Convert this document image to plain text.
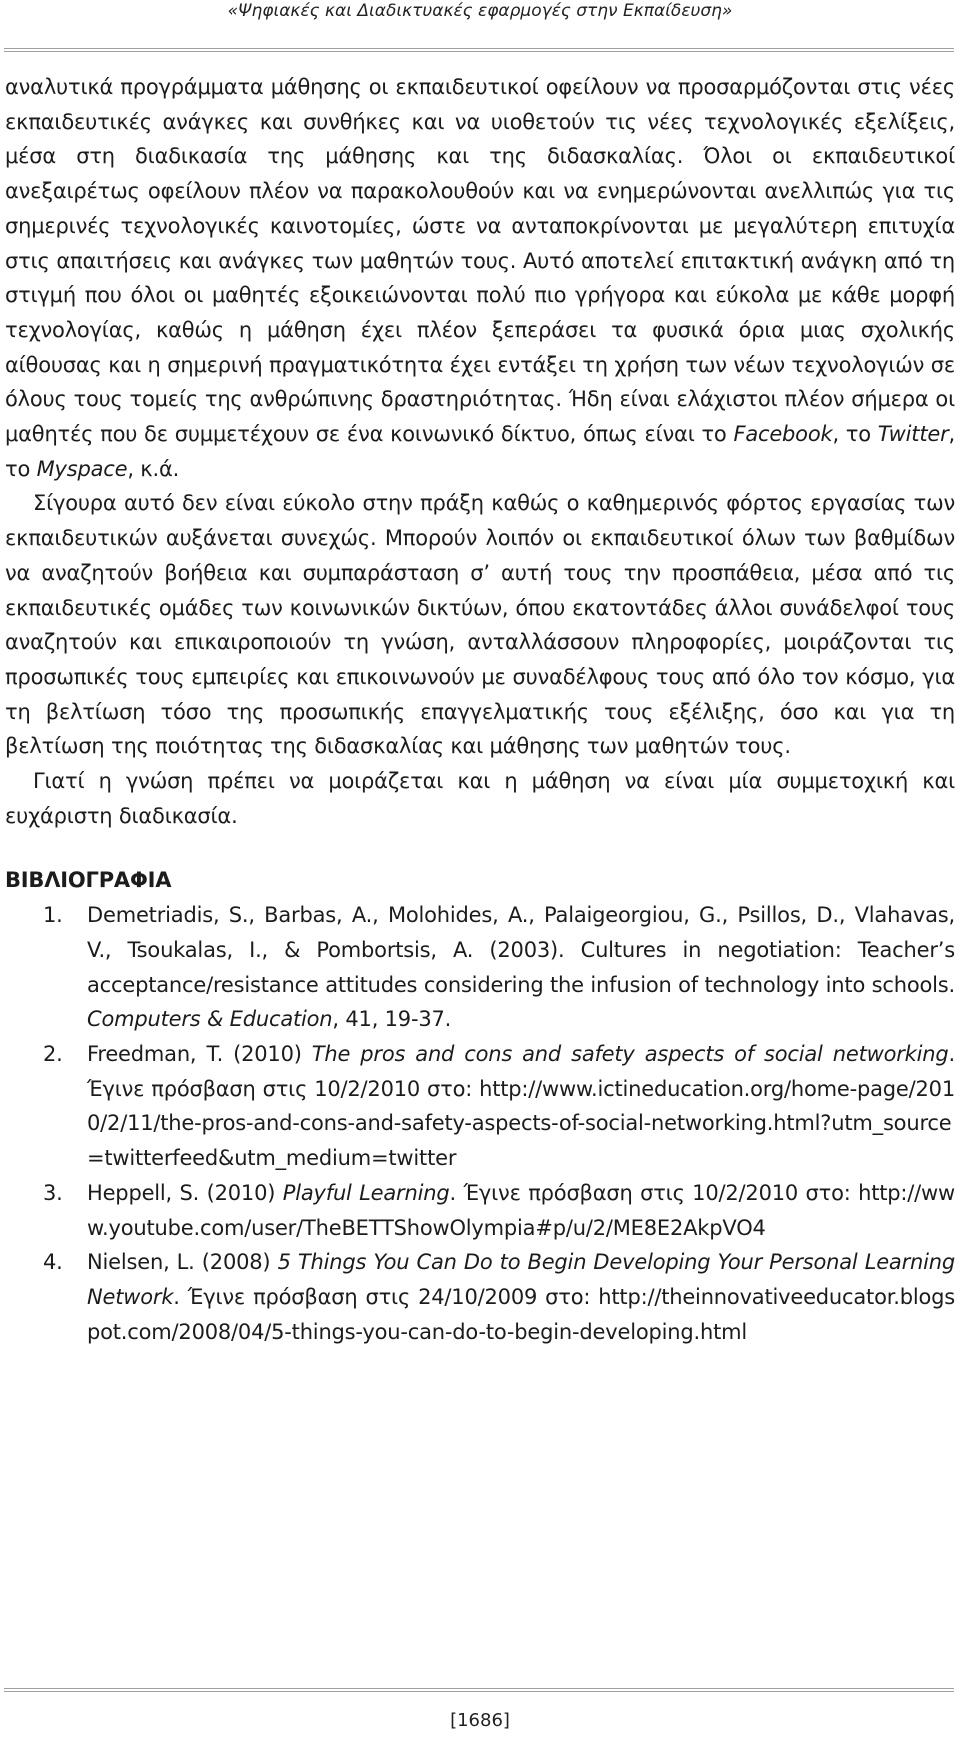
«Ψηφιακές και Διαδικτυακές εφαρμογές στην Εκπαίδευση»

αναλυτικά προγράμματα μάθησης οι εκπαιδευτικοί οφείλουν να προσαρμόζονται στις νέες εκπαιδευτικές ανάγκες και συνθήκες και να υιοθετούν τις νέες τεχνολογικές εξελίξεις, μέσα στη διαδικασία της μάθησης και της διδασκαλίας. Όλοι οι εκπαιδευτικοί ανεξαιρέτως οφείλουν πλέον να παρακολουθούν και να ενημερώνονται ανελλιπώς για τις σημερινές τεχνολογικές καινοτομίες, ώστε να ανταποκρίνονται με μεγαλύτερη επιτυχία στις απαιτήσεις και ανάγκες των μαθητών τους. Αυτό αποτελεί επιτακτική ανάγκη από τη στιγμή που όλοι οι μαθητές εξοικειώνονται πολύ πιο γρήγορα και εύκολα με κάθε μορφή τεχνολογίας, καθώς η μάθηση έχει πλέον ξεπεράσει τα φυσικά όρια μιας σχολικής αίθουσας και η σημερινή πραγματικότητα έχει εντάξει τη χρήση των νέων τεχνολογιών σε όλους τους τομείς της ανθρώπινης δραστηριότητας. Ήδη είναι ελάχιστοι πλέον σήμερα οι μαθητές που δε συμμετέχουν σε ένα κοινωνικό δίκτυο, όπως είναι το Facebook, το Twitter, το Myspace, κ.ά.

Σίγουρα αυτό δεν είναι εύκολο στην πράξη καθώς ο καθημερινός φόρτος εργασίας των εκπαιδευτικών αυξάνεται συνεχώς. Μπορούν λοιπόν οι εκπαιδευτικοί όλων των βαθμίδων να αναζητούν βοήθεια και συμπαράσταση σ’ αυτή τους την προσπάθεια, μέσα από τις εκπαιδευτικές ομάδες των κοινωνικών δικτύων, όπου εκατοντάδες άλλοι συνάδελφοί τους αναζητούν και επικαιροποιούν τη γνώση, ανταλλάσσουν πληροφορίες, μοιράζονται τις προσωπικές τους εμπειρίες και επικοινωνούν με συναδέλφους τους από όλο τον κόσμο, για τη βελτίωση τόσο της προσωπικής επαγγελματικής τους εξέλιξης, όσο και για τη βελτίωση της ποιότητας της διδασκαλίας και μάθησης των μαθητών τους.

Γιατί η γνώση πρέπει να μοιράζεται και η μάθηση να είναι μία συμμετοχική και ευχάριστη διαδικασία.

ΒΙΒΛΙΟΓΡΑΦΙΑ

1. Demetriadis, S., Barbas, A., Molohides, A., Palaigeorgiou, G., Psillos, D., Vlahavas, V., Tsoukalas, I., & Pombortsis, A. (2003). Cultures in negotiation: Teacher’s acceptance/resistance attitudes considering the infusion of technology into schools. Computers & Education, 41, 19-37.
2. Freedman, T. (2010) The pros and cons and safety aspects of social networking. Έγινε πρόσβαση στις 10/2/2010 στο: http://www.ictineducation.org/home-page/2010/2/11/the-pros-and-cons-and-safety-aspects-of-social-networking.html?utm_source=twitterfeed&utm_medium=twitter
3. Heppell, S. (2010) Playful Learning. Έγινε πρόσβαση στις 10/2/2010 στο: http://www.youtube.com/user/TheBETTShowOlympia#p/u/2/ME8E2AkpVO4
4. Nielsen, L. (2008) 5 Things You Can Do to Begin Developing Your Personal Learning Network. Έγινε πρόσβαση στις 24/10/2009 στο: http://theinnovativeeducator.blogspot.com/2008/04/5-things-you-can-do-to-begin-developing.html
[1686]
